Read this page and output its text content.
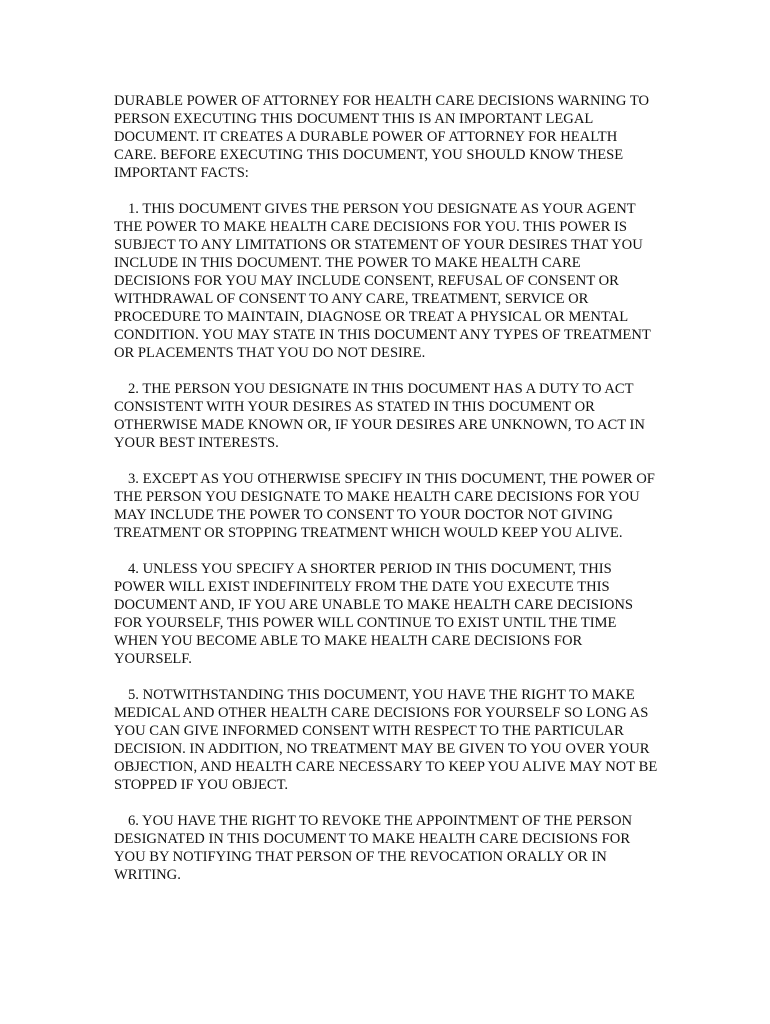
DURABLE POWER OF ATTORNEY FOR HEALTH CARE DECISIONS WARNING TO PERSON EXECUTING THIS DOCUMENT THIS IS AN IMPORTANT LEGAL DOCUMENT. IT CREATES A DURABLE POWER OF ATTORNEY FOR HEALTH CARE. BEFORE EXECUTING THIS DOCUMENT, YOU SHOULD KNOW THESE IMPORTANT FACTS:

1. THIS DOCUMENT GIVES THE PERSON YOU DESIGNATE AS YOUR AGENT THE POWER TO MAKE HEALTH CARE DECISIONS FOR YOU. THIS POWER IS SUBJECT TO ANY LIMITATIONS OR STATEMENT OF YOUR DESIRES THAT YOU INCLUDE IN THIS DOCUMENT. THE POWER TO MAKE HEALTH CARE DECISIONS FOR YOU MAY INCLUDE CONSENT, REFUSAL OF CONSENT OR WITHDRAWAL OF CONSENT TO ANY CARE, TREATMENT, SERVICE OR PROCEDURE TO MAINTAIN, DIAGNOSE OR TREAT A PHYSICAL OR MENTAL CONDITION. YOU MAY STATE IN THIS DOCUMENT ANY TYPES OF TREATMENT OR PLACEMENTS THAT YOU DO NOT DESIRE.

2. THE PERSON YOU DESIGNATE IN THIS DOCUMENT HAS A DUTY TO ACT CONSISTENT WITH YOUR DESIRES AS STATED IN THIS DOCUMENT OR OTHERWISE MADE KNOWN OR, IF YOUR DESIRES ARE UNKNOWN, TO ACT IN YOUR BEST INTERESTS.

3. EXCEPT AS YOU OTHERWISE SPECIFY IN THIS DOCUMENT, THE POWER OF THE PERSON YOU DESIGNATE TO MAKE HEALTH CARE DECISIONS FOR YOU MAY INCLUDE THE POWER TO CONSENT TO YOUR DOCTOR NOT GIVING TREATMENT OR STOPPING TREATMENT WHICH WOULD KEEP YOU ALIVE.

4. UNLESS YOU SPECIFY A SHORTER PERIOD IN THIS DOCUMENT, THIS POWER WILL EXIST INDEFINITELY FROM THE DATE YOU EXECUTE THIS DOCUMENT AND, IF YOU ARE UNABLE TO MAKE HEALTH CARE DECISIONS FOR YOURSELF, THIS POWER WILL CONTINUE TO EXIST UNTIL THE TIME WHEN YOU BECOME ABLE TO MAKE HEALTH CARE DECISIONS FOR YOURSELF.

5. NOTWITHSTANDING THIS DOCUMENT, YOU HAVE THE RIGHT TO MAKE MEDICAL AND OTHER HEALTH CARE DECISIONS FOR YOURSELF SO LONG AS YOU CAN GIVE INFORMED CONSENT WITH RESPECT TO THE PARTICULAR DECISION. IN ADDITION, NO TREATMENT MAY BE GIVEN TO YOU OVER YOUR OBJECTION, AND HEALTH CARE NECESSARY TO KEEP YOU ALIVE MAY NOT BE STOPPED IF YOU OBJECT.

6. YOU HAVE THE RIGHT TO REVOKE THE APPOINTMENT OF THE PERSON DESIGNATED IN THIS DOCUMENT TO MAKE HEALTH CARE DECISIONS FOR YOU BY NOTIFYING THAT PERSON OF THE REVOCATION ORALLY OR IN WRITING.
